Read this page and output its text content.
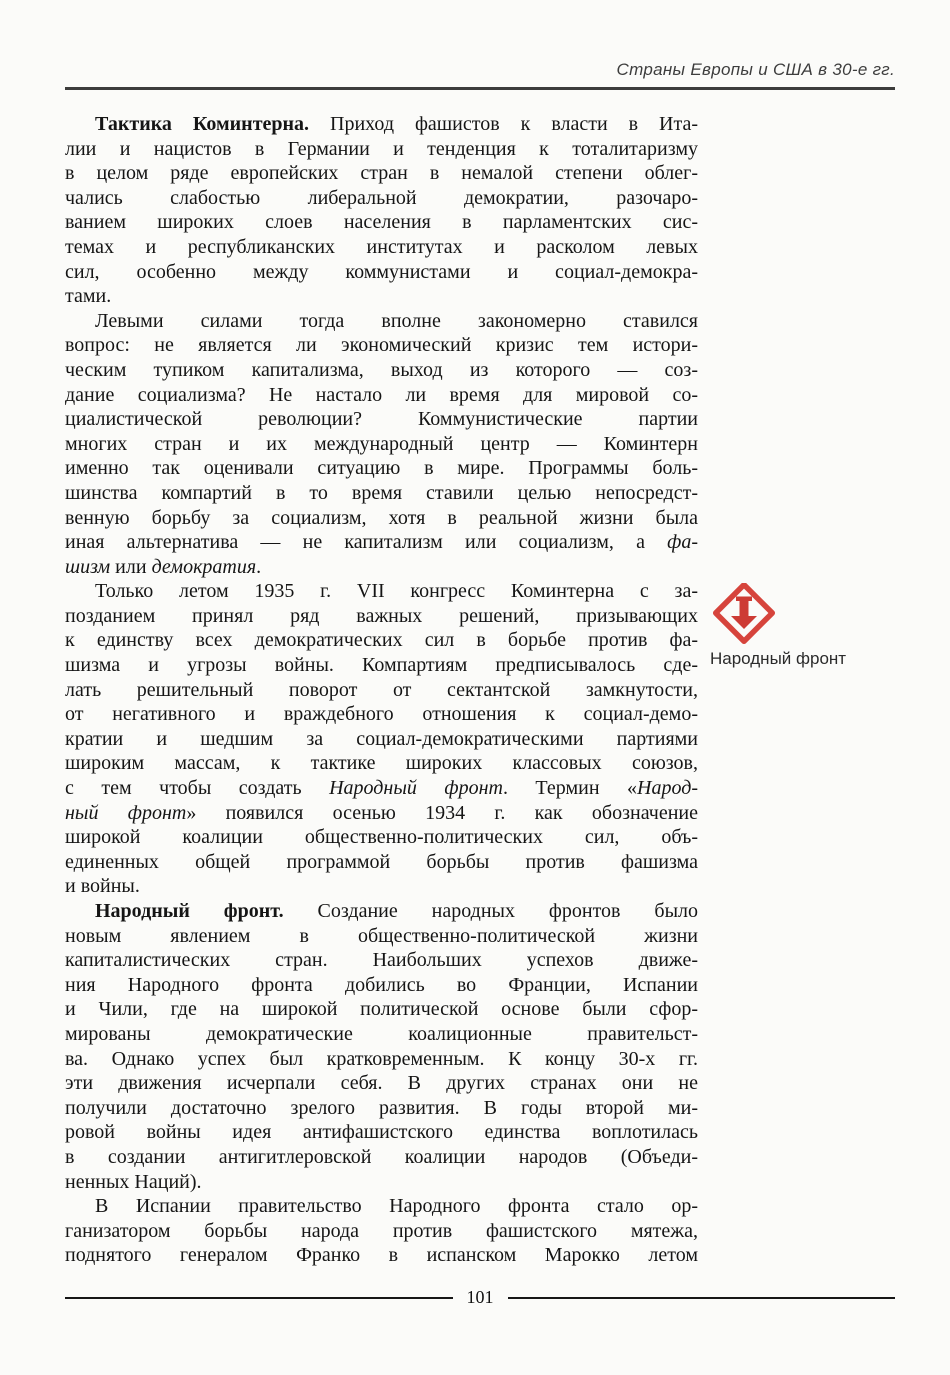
Страны Европы и США в 30-е гг.
Тактика Коминтерна. Приход фашистов к власти в Ита-
лии и нацистов в Германии и тенденция к тоталитаризму
в целом ряде европейских стран в немалой степени облег-
чались слабостью либеральной демократии, разочаро-
ванием широких слоев населения в парламентских сис-
темах и республиканских институтах и расколом левых
сил, особенно между коммунистами и социал-демокра-
тами.
Левыми силами тогда вполне закономерно ставился
вопрос: не является ли экономический кризис тем истори-
ческим тупиком капитализма, выход из которого — соз-
дание социализма? Не настало ли время для мировой со-
циалистической революции? Коммунистические партии
многих стран и их международный центр — Коминтерн
именно так оценивали ситуацию в мире. Программы боль-
шинства компартий в то время ставили целью непосредст-
венную борьбу за социализм, хотя в реальной жизни была
иная альтернатива — не капитализм или социализм, а фа-
шизм или демократия.
Только летом 1935 г. VII конгресс Коминтерна с за-
позданием принял ряд важных решений, призывающих
к единству всех демократических сил в борьбе против фа-
шизма и угрозы войны. Компартиям предписывалось сде-
лать решительный поворот от сектантской замкнутости,
от негативного и враждебного отношения к социал-демо-
кратии и шедшим за социал-демократическими партиями
широким массам, к тактике широких классовых союзов,
с тем чтобы создать Народный фронт. Термин «Народ-
ный фронт» появился осенью 1934 г. как обозначение
широкой коалиции общественно-политических сил, объ-
единенных общей программой борьбы против фашизма
и войны.
Народный фронт. Создание народных фронтов было
новым явлением в общественно-политической жизни
капиталистических стран. Наибольших успехов движе-
ния Народного фронта добились во Франции, Испании
и Чили, где на широкой политической основе были сфор-
мированы демократические коалиционные правительст-
ва. Однако успех был кратковременным. К концу 30-х гг.
эти движения исчерпали себя. В других странах они не
получили достаточно зрелого развития. В годы второй ми-
ровой войны идея антифашистского единства воплотилась
в создании антигитлеровской коалиции народов (Объеди-
ненных Наций).
В Испании правительство Народного фронта стало ор-
ганизатором борьбы народа против фашистского мятежа,
поднятого генералом Франко в испанском Марокко летом
Народный фронт
101
